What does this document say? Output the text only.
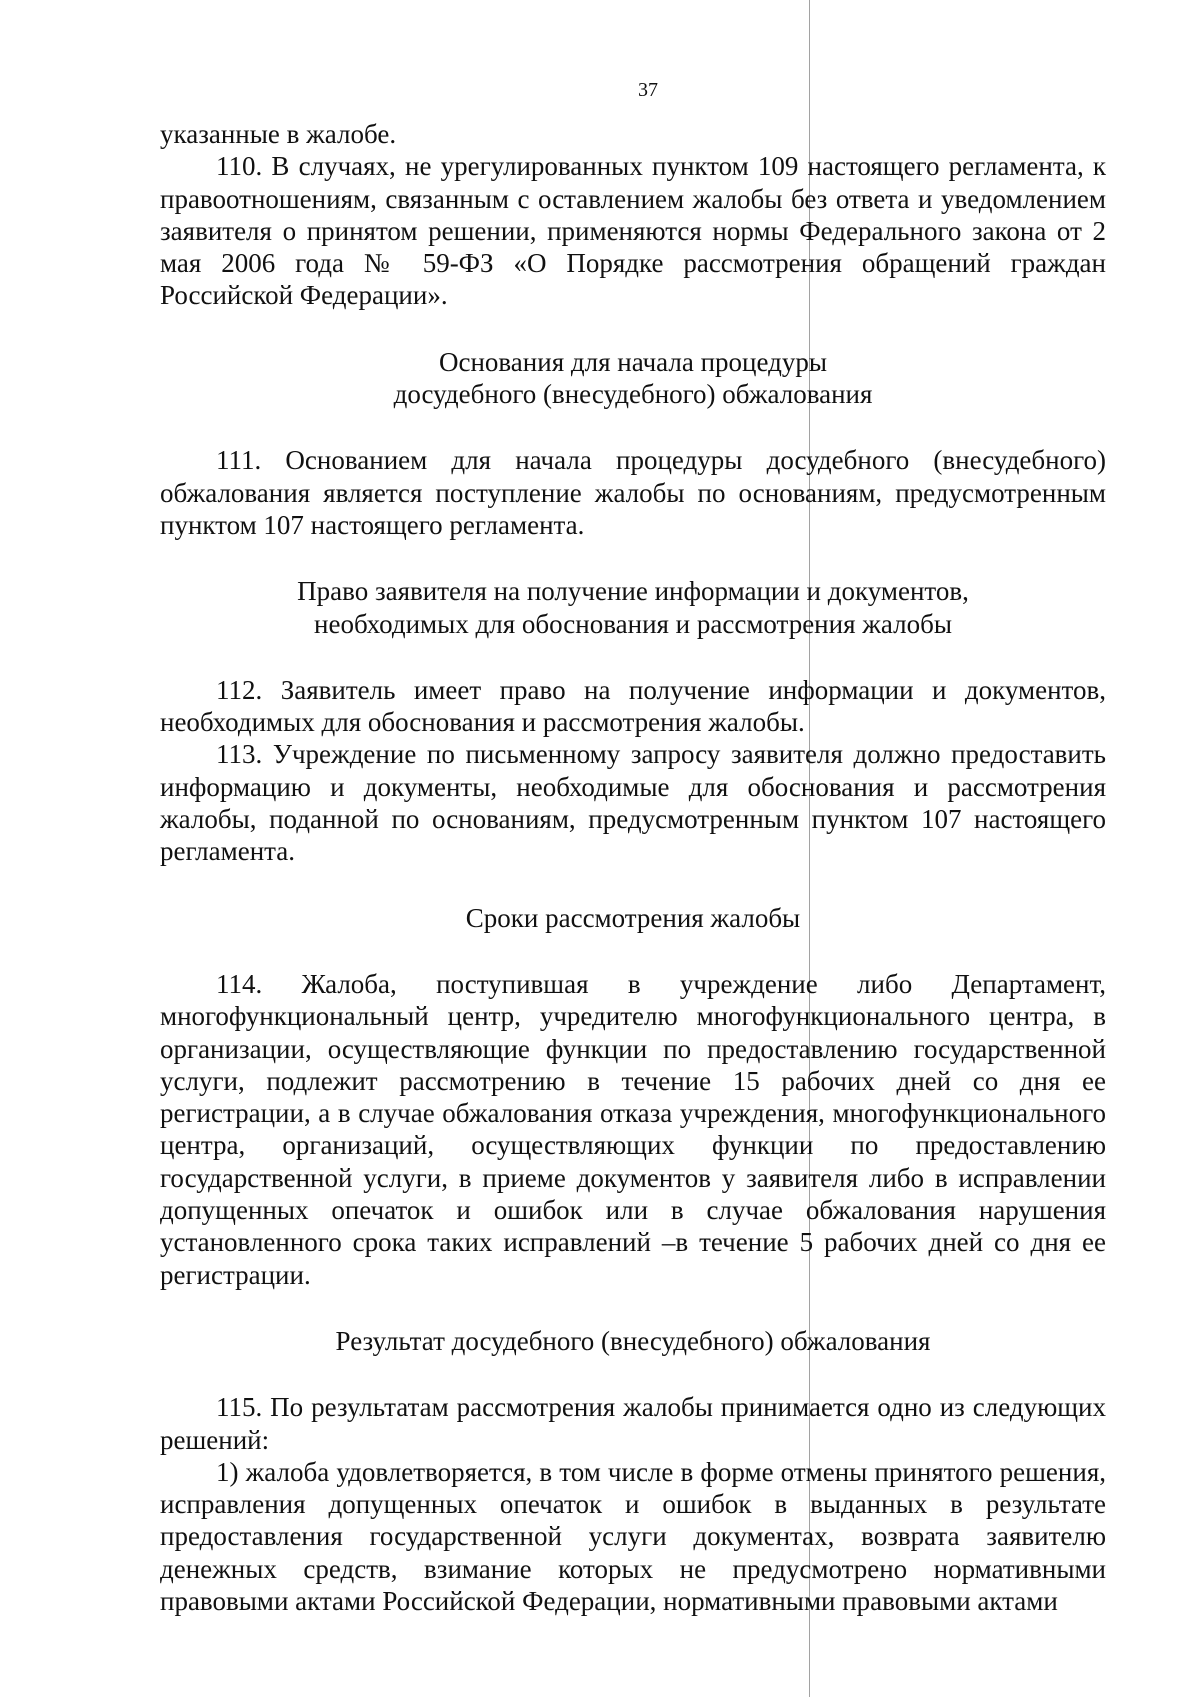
37

указанные в жалобе.

110. В случаях, не урегулированных пунктом 109 настоящего регламента, к правоотношениям, связанным с оставлением жалобы без ответа и уведомлением заявителя о принятом решении, применяются нормы Федерального закона от 2 мая 2006 года № 59-ФЗ «О Порядке рассмотрения обращений граждан Российской Федерации».

Основания для начала процедуры
досудебного (внесудебного) обжалования

111. Основанием для начала процедуры досудебного (внесудебного) обжалования является поступление жалобы по основаниям, предусмотренным пунктом 107 настоящего регламента.

Право заявителя на получение информации и документов,
необходимых для обоснования и рассмотрения жалобы

112. Заявитель имеет право на получение информации и документов, необходимых для обоснования и рассмотрения жалобы.

113. Учреждение по письменному запросу заявителя должно предоставить информацию и документы, необходимые для обоснования и рассмотрения жалобы, поданной по основаниям, предусмотренным пунктом 107 настоящего регламента.

Сроки рассмотрения жалобы

114. Жалоба, поступившая в учреждение либо Департамент, многофункциональный центр, учредителю многофункционального центра, в организации, осуществляющие функции по предоставлению государственной услуги, подлежит рассмотрению в течение 15 рабочих дней со дня ее регистрации, а в случае обжалования отказа учреждения, многофункционального центра, организаций, осуществляющих функции по предоставлению государственной услуги, в приеме документов у заявителя либо в исправлении допущенных опечаток и ошибок или в случае обжалования нарушения установленного срока таких исправлений –в течение 5 рабочих дней со дня ее регистрации.

Результат досудебного (внесудебного) обжалования

115. По результатам рассмотрения жалобы принимается одно из следующих решений:

1) жалоба удовлетворяется, в том числе в форме отмены принятого решения, исправления допущенных опечаток и ошибок в выданных в результате предоставления государственной услуги документах, возврата заявителю денежных средств, взимание которых не предусмотрено нормативными правовыми актами Российской Федерации, нормативными правовыми актами
